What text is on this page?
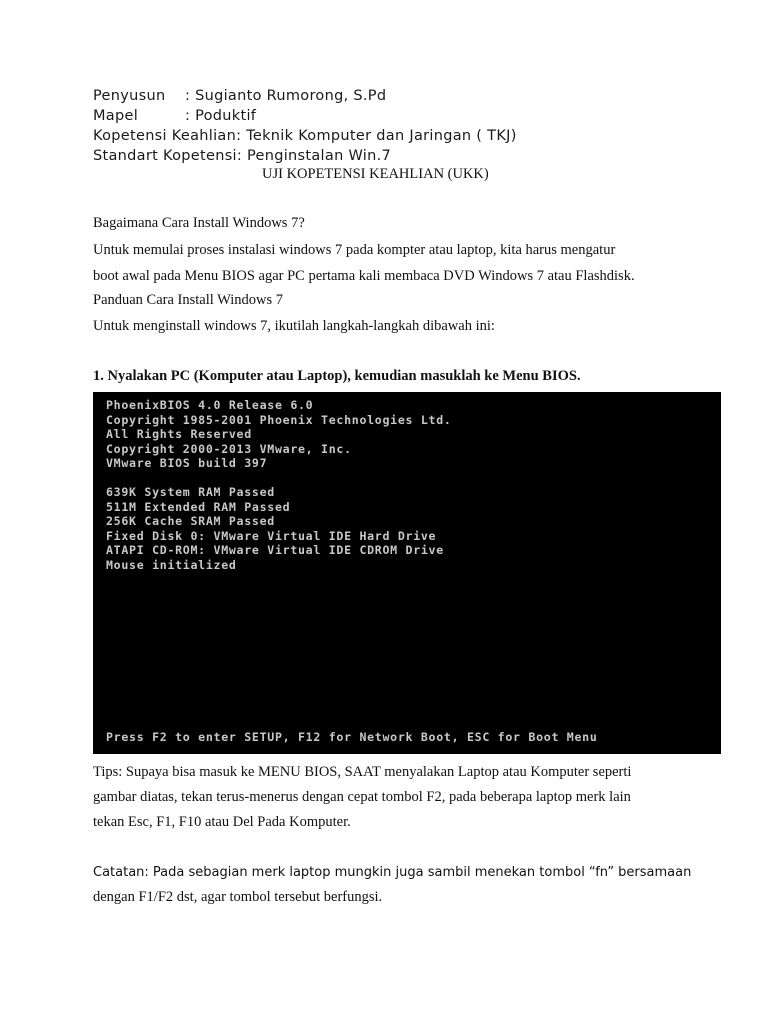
Penyusun	: Sugianto Rumorong, S.Pd
Mapel	: Poduktif
Kopetensi Keahlian : Teknik Komputer dan Jaringan ( TKJ)
Standart Kopetensi : Penginstalan Win.7
UJI KOPETENSI KEAHLIAN (UKK)
Bagaimana Cara Install Windows 7?
Untuk memulai proses instalasi windows 7 pada kompter atau laptop, kita harus mengatur
boot awal pada Menu BIOS agar PC pertama kali membaca DVD Windows 7 atau Flashdisk.
Panduan Cara Install Windows 7
Untuk menginstall windows 7, ikutilah langkah-langkah dibawah ini:
1. Nyalakan PC (Komputer atau Laptop), kemudian masuklah ke Menu BIOS.
PhoenixBIOS 4.0 Release 6.0
Copyright 1985-2001 Phoenix Technologies Ltd.
All Rights Reserved
Copyright 2000-2013 VMware, Inc.
VMware BIOS build 397
639K System RAM Passed
511M Extended RAM Passed
256K Cache SRAM Passed
Fixed Disk 0: VMware Virtual IDE Hard Drive
ATAPI CD-ROM: VMware Virtual IDE CDROM Drive
Mouse initialized
Press F2 to enter SETUP, F12 for Network Boot, ESC for Boot Menu
Tips: Supaya bisa masuk ke MENU BIOS, SAAT menyalakan Laptop atau Komputer seperti
gambar diatas, tekan terus-menerus dengan cepat tombol F2, pada beberapa laptop merk lain
tekan Esc, F1, F10 atau Del Pada Komputer.
Catatan: Pada sebagian merk laptop mungkin juga sambil menekan tombol “fn” bersamaan
dengan F1/F2 dst, agar tombol tersebut berfungsi.
